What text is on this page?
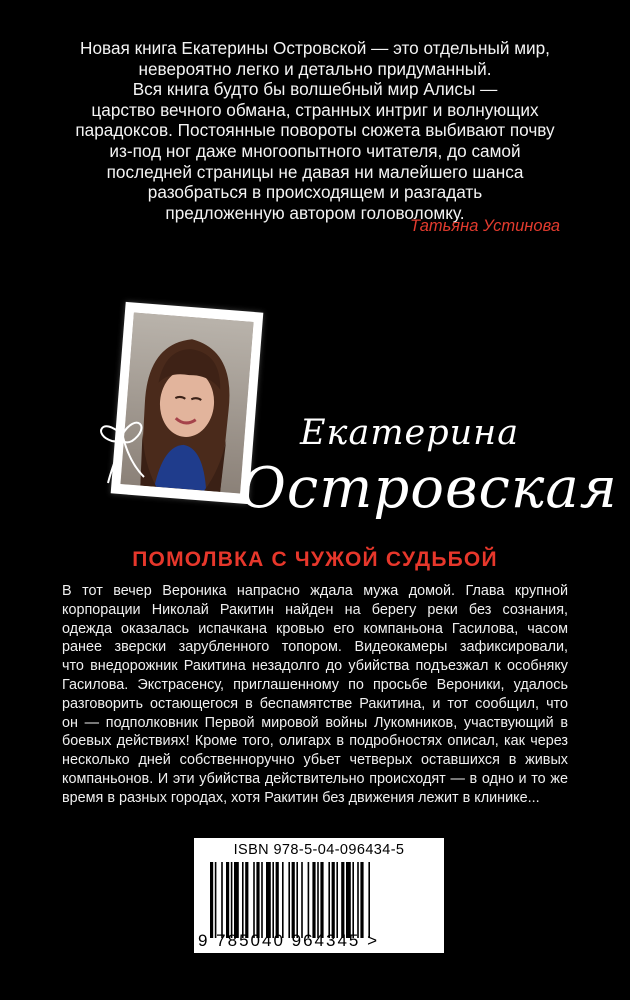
Новая книга Екатерины Островской — это отдельный мир,
невероятно легко и детально придуманный.
Вся книга будто бы волшебный мир Алисы —
царство вечного обмана, странных интриг и волнующих
парадоксов. Постоянные повороты сюжета выбивают почву
из-под ног даже многоопытного читателя, до самой
последней страницы не давая ни малейшего шанса
разобраться в происходящем и разгадать
предложенную автором головоломку.
Татьяна Устинова
Екатерина
Островская
ПОМОЛВКА С ЧУЖОЙ СУДЬБОЙ
В тот вечер Вероника напрасно ждала мужа домой. Глава крупной
корпорации Николай Ракитин найден на берегу реки без сознания,
одежда оказалась испачкана кровью его компаньона Гасилова, часом
ранее зверски зарубленного топором. Видеокамеры зафиксировали,
что внедорожник Ракитина незадолго до убийства подъезжал к особняку
Гасилова. Экстрасенсу, приглашенному по просьбе Вероники, удалось
разговорить остающегося в беспамятстве Ракитина, и тот сообщил, что
он — подполковник Первой мировой войны Лукомников, участвующий в
боевых действиях! Кроме того, олигарх в подробностях описал, как через
несколько дней собственноручно убьет четверых оставшихся в живых
компаньонов. И эти убийства действительно происходят — в одно и то же
время в разных городах, хотя Ракитин без движения лежит в клинике...
ISBN 978-5-04-096434-5
9 785040 964345 >
